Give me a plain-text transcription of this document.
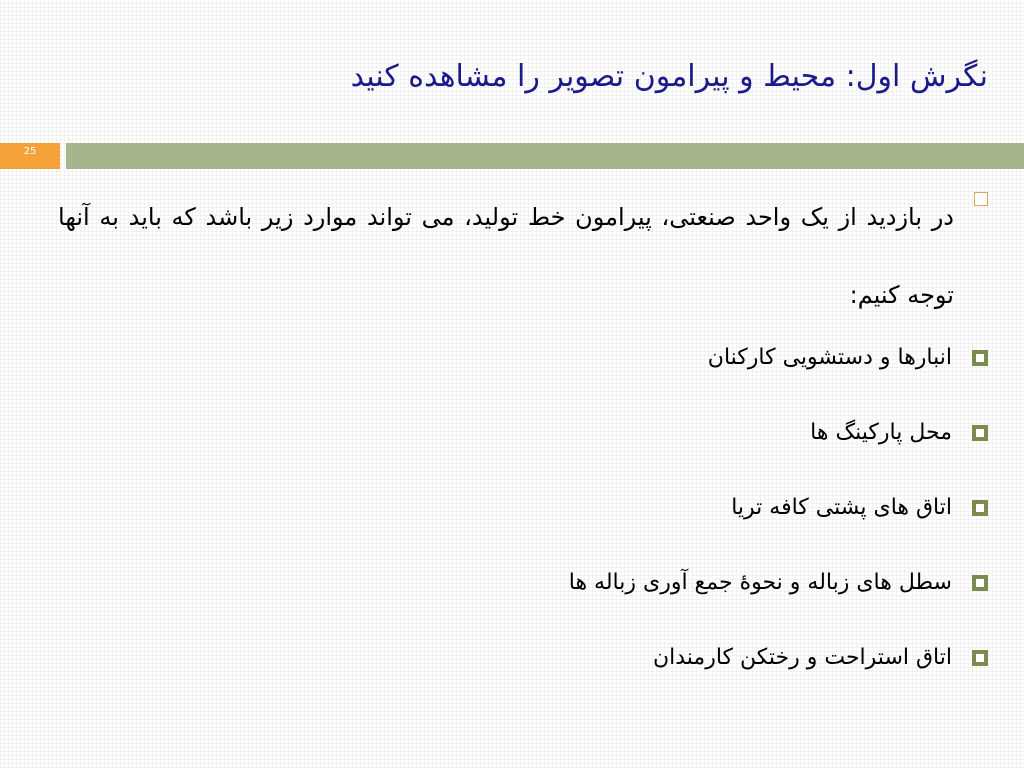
نگرش اول: محیط و پیرامون تصویر را مشاهده کنید
25
در بازدید از یک واحد صنعتی، پیرامون خط تولید، می تواند موارد زیر باشد که باید به آنها توجه کنیم:
انبارها و دستشویی کارکنان
محل پارکینگ ها
اتاق های پشتی کافه تریا
سطل های زباله و نحوۀ جمع آوری زباله ها
اتاق استراحت و رختکن کارمندان
